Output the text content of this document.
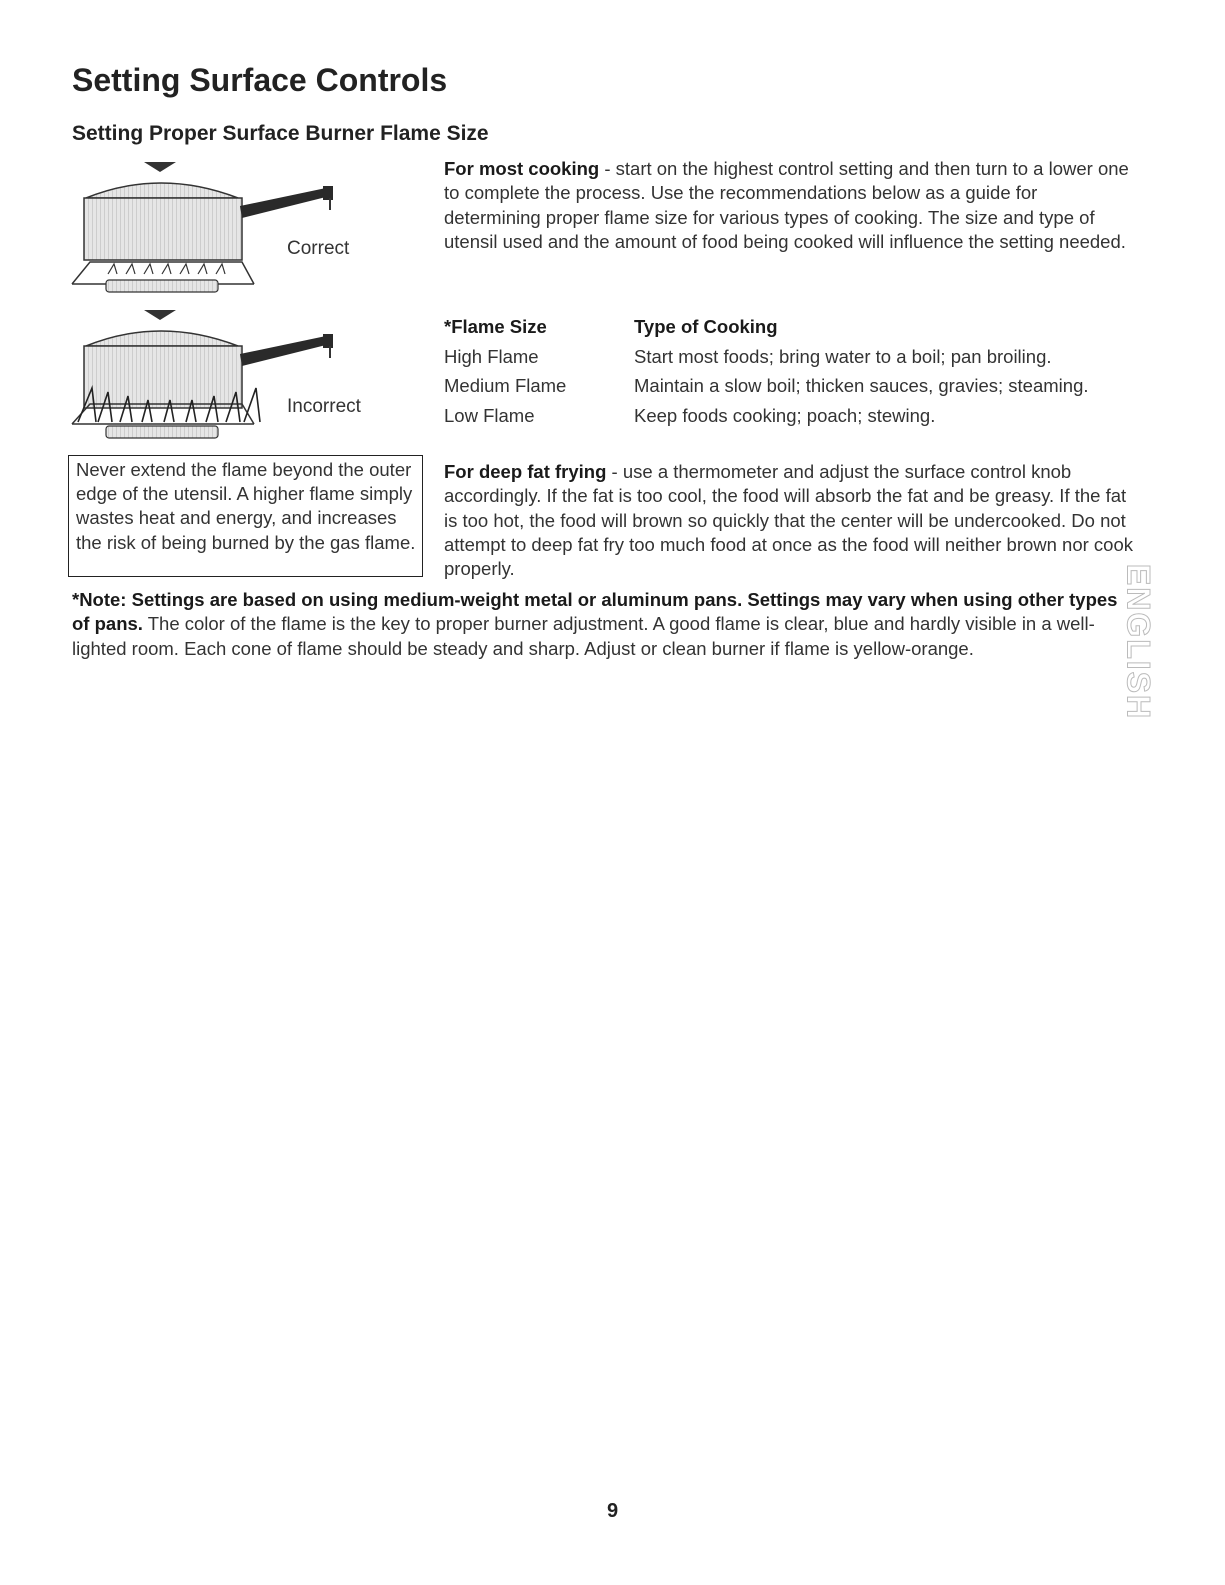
Setting Surface Controls
Setting Proper Surface Burner Flame Size
Correct
Incorrect
For most cooking - start on the highest control setting and then turn to a lower one to complete the process. Use the recommendations below as a guide for determining proper flame size for various types of cooking. The size and type of utensil used and the amount of food being cooked will influence the setting needed.
*Flame Size	Type of Cooking
High Flame	Start most foods; bring water to a boil; pan broiling.
Medium Flame	Maintain a slow boil; thicken sauces, gravies; steaming.
Low Flame	Keep foods cooking; poach; stewing.
Never extend the flame beyond the outer edge of the utensil. A higher flame simply wastes heat and energy, and increases the risk of being burned by the gas flame.
For deep fat frying - use a thermometer and adjust the surface control knob accordingly. If the fat is too cool, the food will absorb the fat and be greasy. If the fat is too hot, the food will brown so quickly that the center will be undercooked. Do not attempt to deep fat fry too much food at once as the food will neither brown nor cook properly.
*Note: Settings are based on using medium-weight metal or aluminum pans. Settings may vary when using other types of pans. The color of the flame is the key to proper burner adjustment. A good flame is clear, blue and hardly visible in a well-lighted room. Each cone of flame should be steady and sharp. Adjust or clean burner if flame is yellow-orange.	ENGLISH
9
